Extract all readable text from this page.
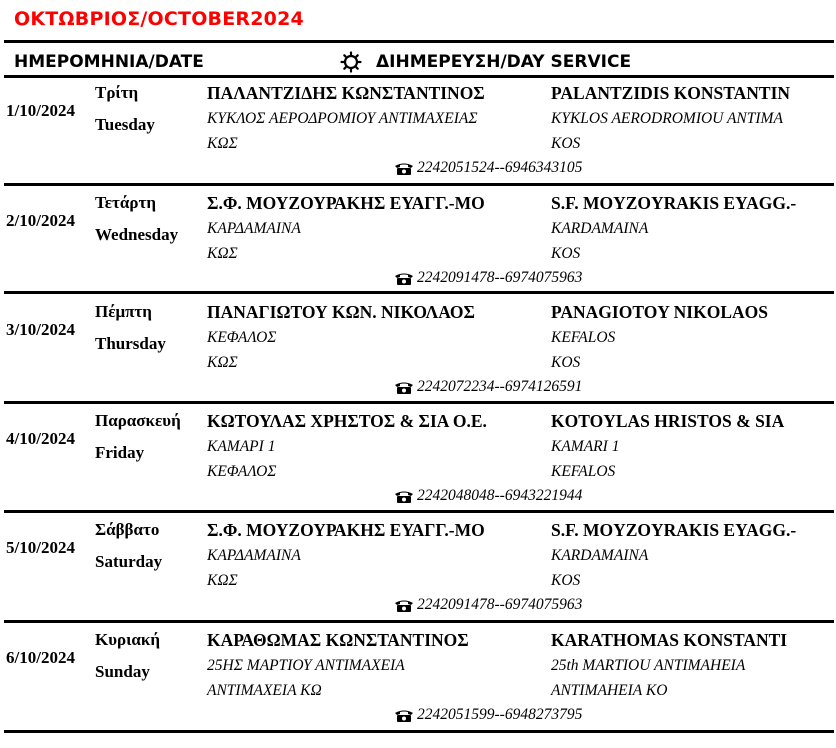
ΟΚΤΩΒΡΙΟΣ/OCTOBER2024
ΗΜΕΡΟΜΗΝΙΑ/DATE	ΔΙΗΜΕΡΕΥΣΗ/DAY SERVICE
1/10/2024
Τρίτη
Tuesday
ΠΑΛΑΝΤΖΙΔΗΣ ΚΩΝΣΤΑΝΤΙΝΟΣ	PALANTZIDIS KONSTANTIN
ΚΥΚΛΟΣ ΑΕΡΟΔΡΟΜΙΟΥ ΑΝΤΙΜΑΧΕΙΑΣ	KYKLOS AERODROMIOU ANTIMA
ΚΩΣ	KOS
2242051524--6946343105
2/10/2024
Τετάρτη
Wednesday
Σ.Φ. ΜΟΥΖΟΥΡΑΚΗΣ ΕΥΑΓΓ.-ΜΟ	S.F. MOYZOYRAKIS EYAGG.-
ΚΑΡΔΑΜΑΙΝΑ	KARDAMAINA
ΚΩΣ	KOS
2242091478--6974075963
3/10/2024
Πέμπτη
Thursday
ΠΑΝΑΓΙΩΤΟΥ ΚΩΝ. ΝΙΚΟΛΑΟΣ	PANAGIOTOY NIKOLAOS
ΚΕΦΑΛΟΣ	KEFALOS
ΚΩΣ	KOS
2242072234--6974126591
4/10/2024
Παρασκευή
Friday
ΚΩΤΟΥΛΑΣ ΧΡΗΣΤΟΣ & ΣΙΑ Ο.Ε.	KOTOYLAS HRISTOS & SIA
ΚΑΜΑΡΙ 1	KAMARI 1
ΚΕΦΑΛΟΣ	KEFALOS
2242048048--6943221944
5/10/2024
Σάββατο
Saturday
Σ.Φ. ΜΟΥΖΟΥΡΑΚΗΣ ΕΥΑΓΓ.-ΜΟ	S.F. MOYZOYRAKIS EYAGG.-
ΚΑΡΔΑΜΑΙΝΑ	KARDAMAINA
ΚΩΣ	KOS
2242091478--6974075963
6/10/2024
Κυριακή
Sunday
ΚΑΡΑΘΩΜΑΣ ΚΩΝΣΤΑΝΤΙΝΟΣ	KARATHOMAS KONSTANTI
25ΗΣ ΜΑΡΤΙΟΥ ΑΝΤΙΜΑΧΕΙΑ	25th MARTIOU ANTIMAHEIA
ΑΝΤΙΜΑΧΕΙΑ ΚΩ	ANTIMAHEIA KO
2242051599--6948273795
